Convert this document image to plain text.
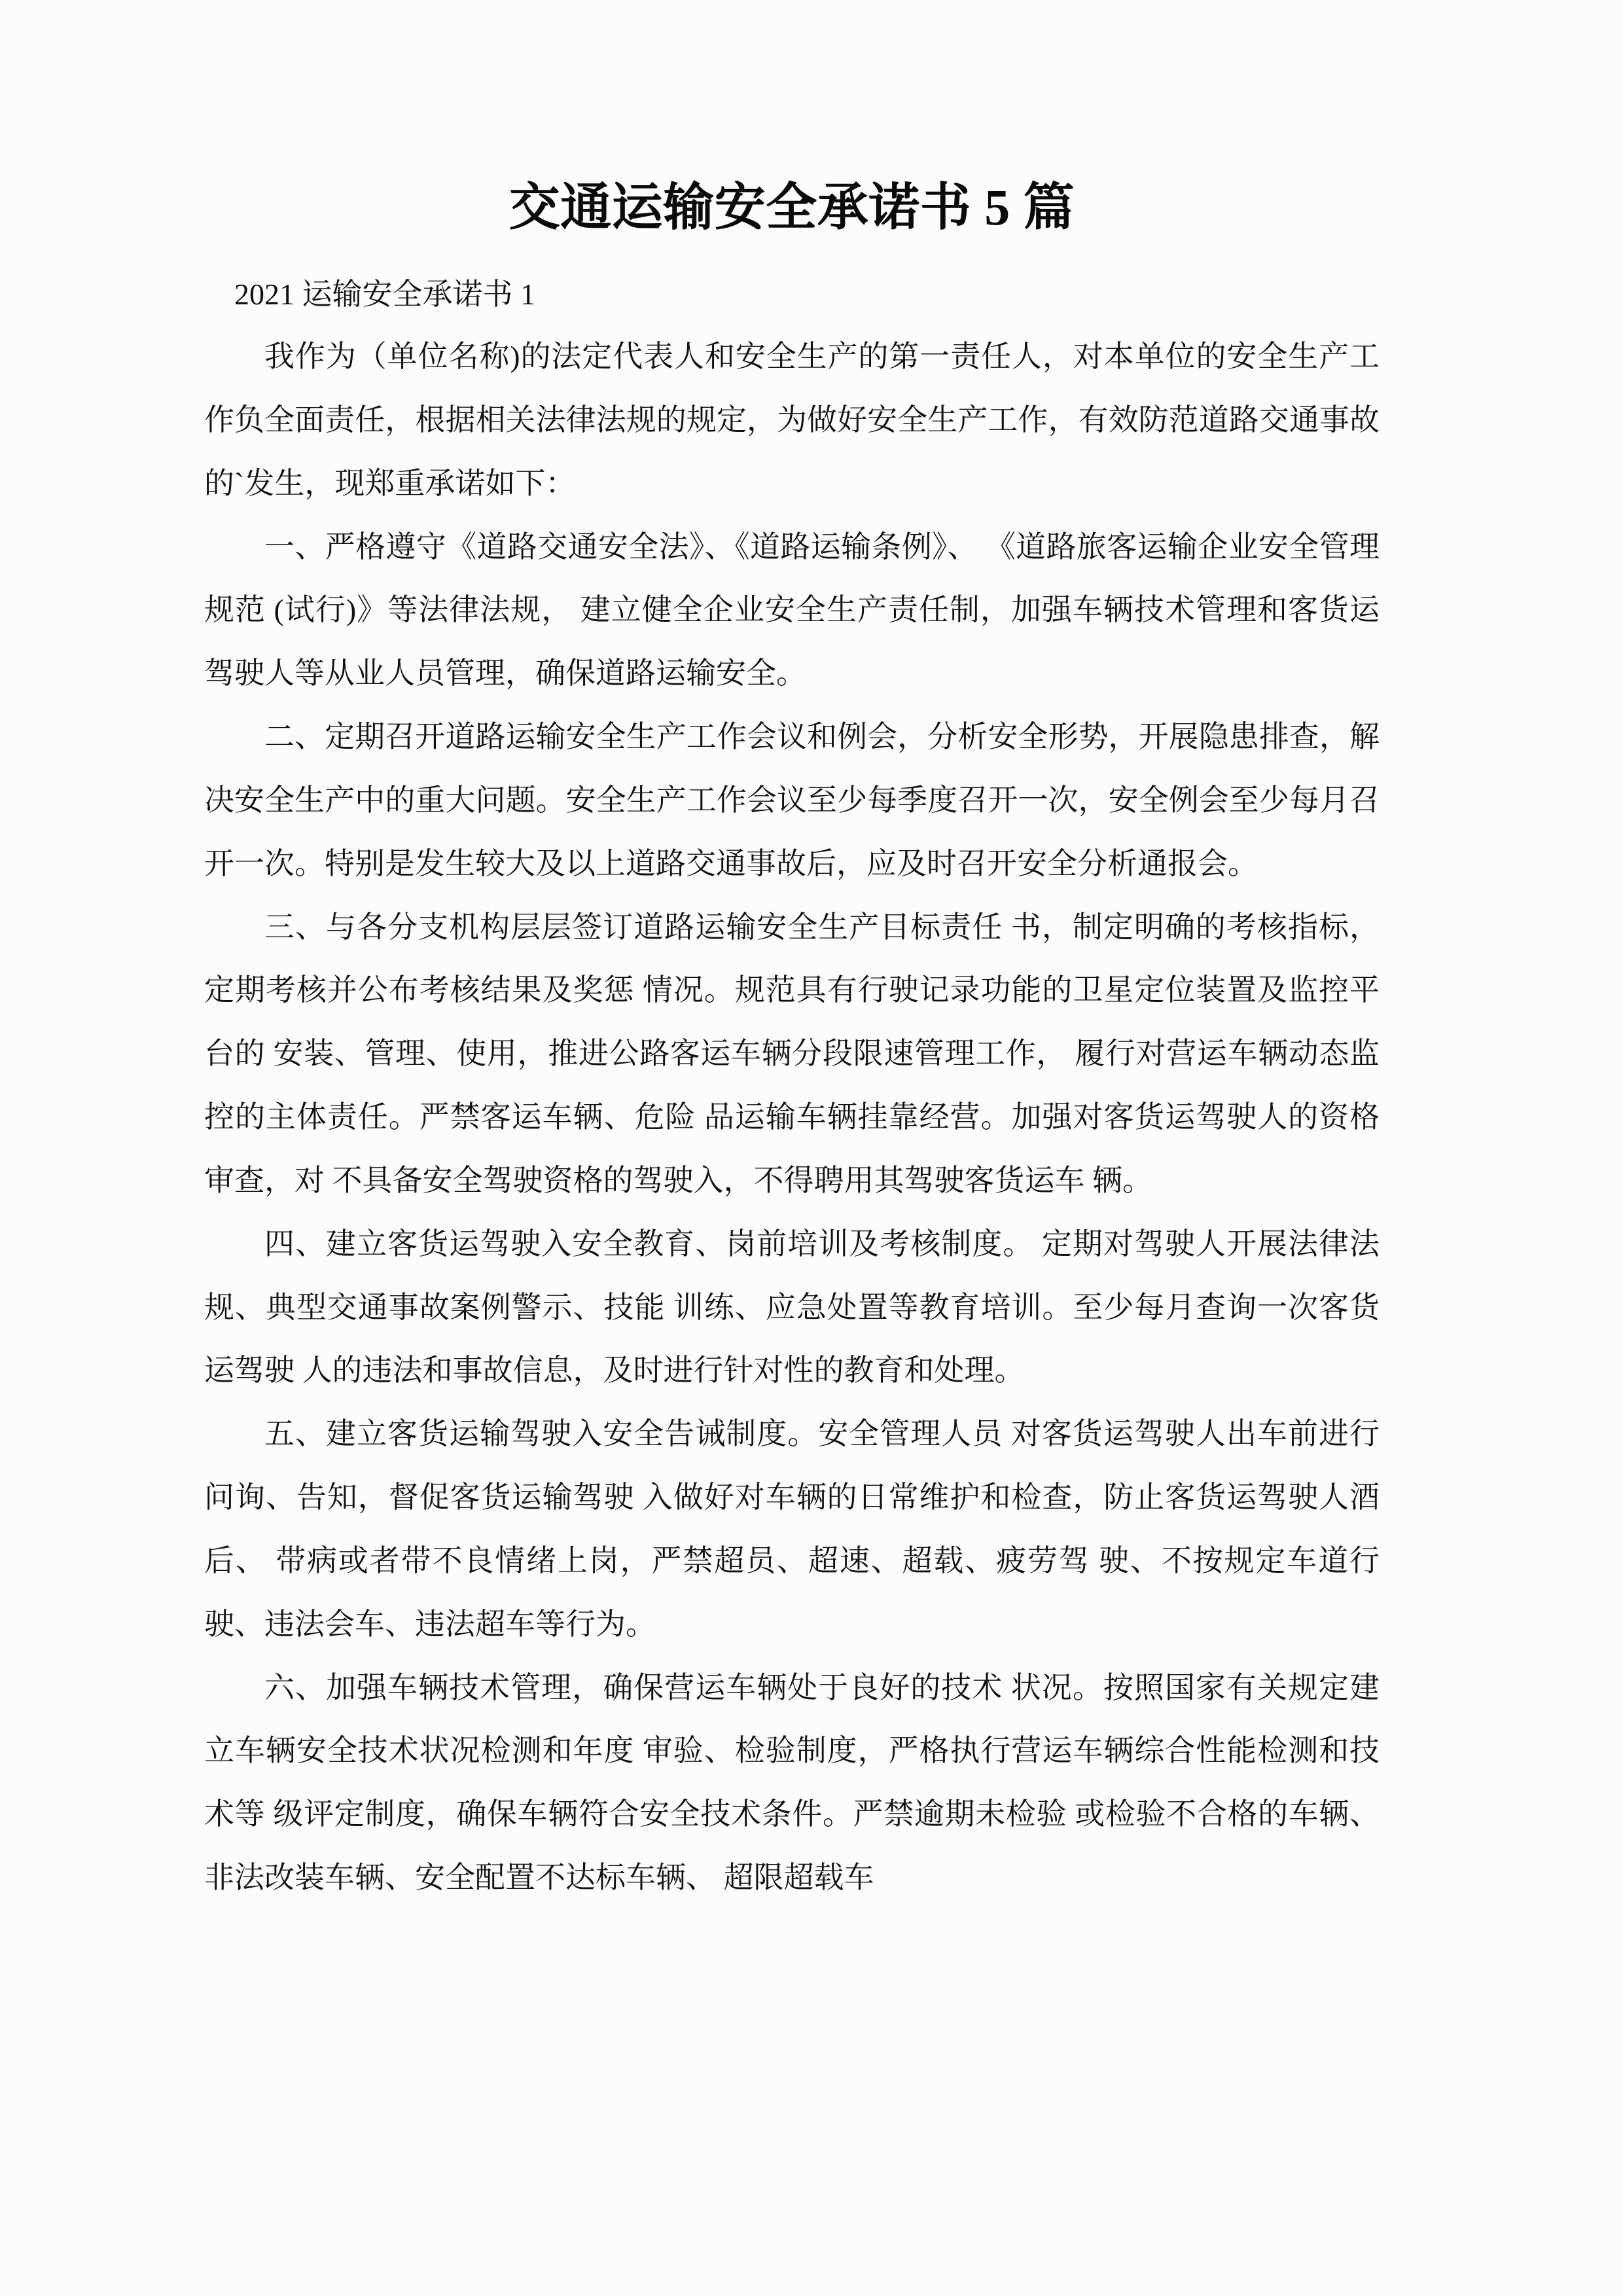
交通运输安全承诺书 5 篇

2021 运输安全承诺书 1

我作为（单位名称)的法定代表人和安全生产的第一责任人，对本单位的安全生产工作负全面责任，根据相关法律法规的规定，为做好安全生产工作，有效防范道路交通事故的`发生，现郑重承诺如下：

一、严格遵守《道路交通安全法》、《道路运输条例》、 《道路旅客运输企业安全管理规范 (试行)》等法律法规， 建立健全企业安全生产责任制，加强车辆技术管理和客货运 驾驶人等从业人员管理，确保道路运输安全。

二、定期召开道路运输安全生产工作会议和例会，分析安全形势，开展隐患排查，解决安全生产中的重大问题。安全生产工作会议至少每季度召开一次，安全例会至少每月召开一次。特别是发生较大及以上道路交通事故后，应及时召开安全分析通报会。

三、与各分支机构层层签订道路运输安全生产目标责任 书，制定明确的考核指标，定期考核并公布考核结果及奖惩 情况。规范具有行驶记录功能的卫星定位装置及监控平台的 安装、管理、使用，推进公路客运车辆分段限速管理工作， 履行对营运车辆动态监控的主体责任。严禁客运车辆、危险 品运输车辆挂靠经营。加强对客货运驾驶人的资格审查，对 不具备安全驾驶资格的驾驶入，不得聘用其驾驶客货运车 辆。

四、建立客货运驾驶入安全教育、岗前培训及考核制度。 定期对驾驶人开展法律法规、典型交通事故案例警示、技能 训练、应急处置等教育培训。至少每月查询一次客货运驾驶 人的违法和事故信息，及时进行针对性的教育和处理。

五、建立客货运输驾驶入安全告诫制度。安全管理人员 对客货运驾驶人出车前进行问询、告知，督促客货运输驾驶 入做好对车辆的日常维护和检查，防止客货运驾驶人酒后、 带病或者带不良情绪上岗，严禁超员、超速、超载、疲劳驾 驶、不按规定车道行驶、违法会车、违法超车等行为。

六、加强车辆技术管理，确保营运车辆处于良好的技术 状况。按照国家有关规定建立车辆安全技术状况检测和年度 审验、检验制度，严格执行营运车辆综合性能检测和技术等 级评定制度，确保车辆符合安全技术条件。严禁逾期未检验 或检验不合格的车辆、非法改装车辆、安全配置不达标车辆、 超限超载车
